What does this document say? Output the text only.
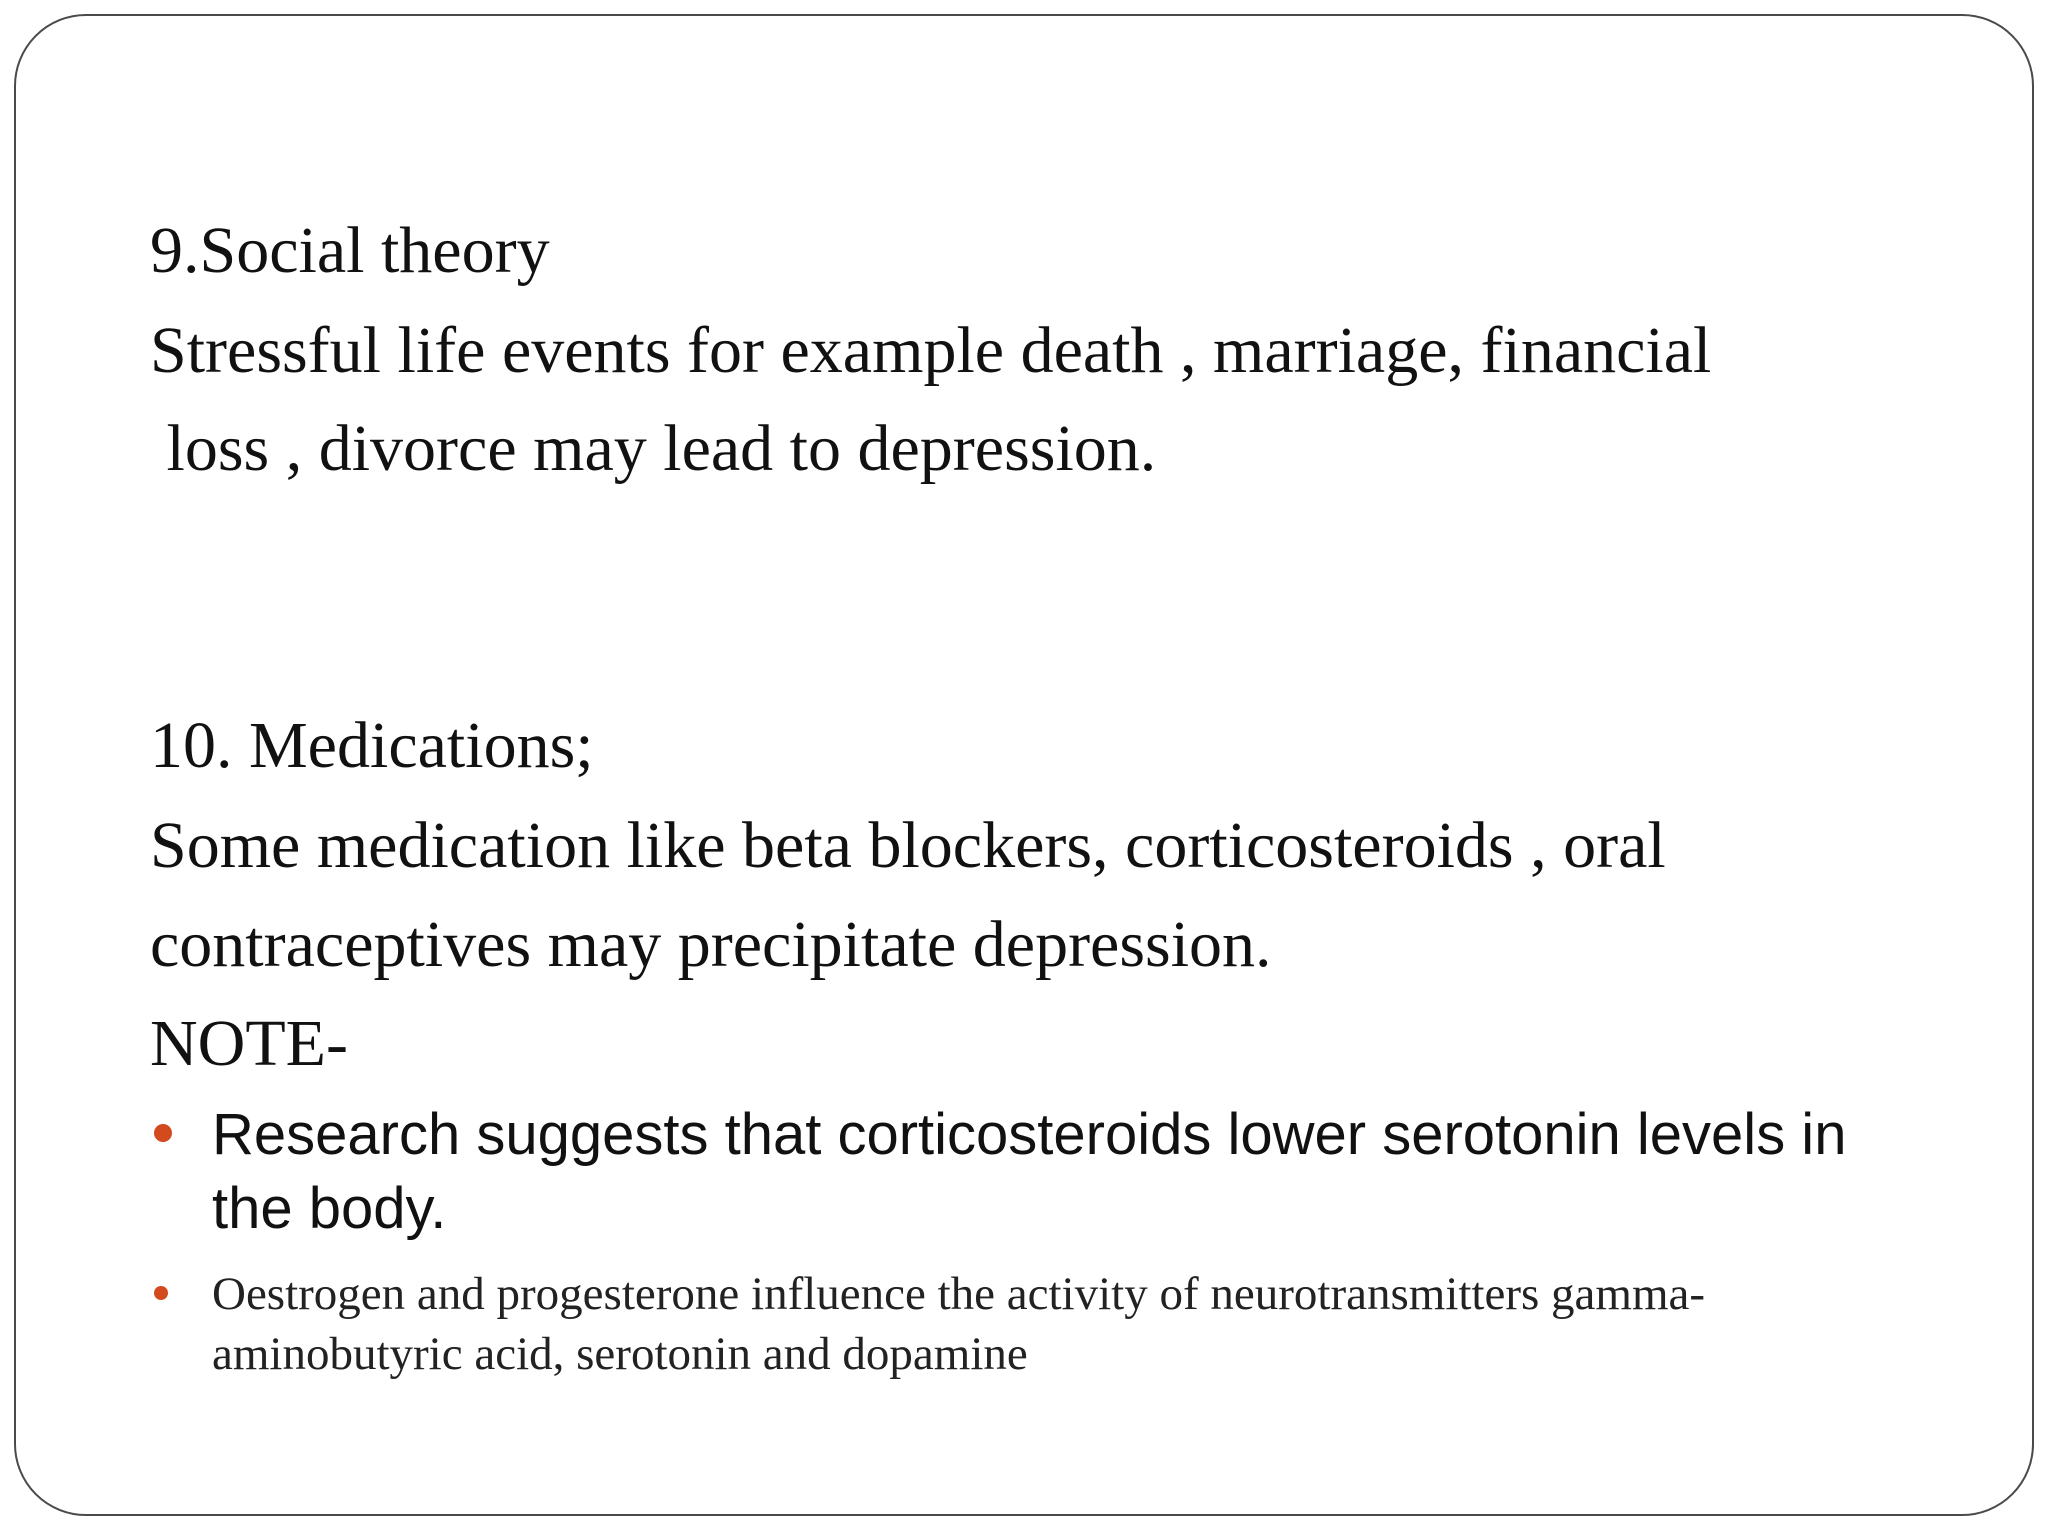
9.Social theory
Stressful life events for example death , marriage, financial
loss , divorce may lead to depression.
10. Medications;
Some medication like beta blockers, corticosteroids , oral
contraceptives may precipitate depression.
NOTE-
Research suggests that corticosteroids lower serotonin levels in the body.
Oestrogen and progesterone influence the activity of neurotransmitters gamma-aminobutyric acid, serotonin and dopamine
